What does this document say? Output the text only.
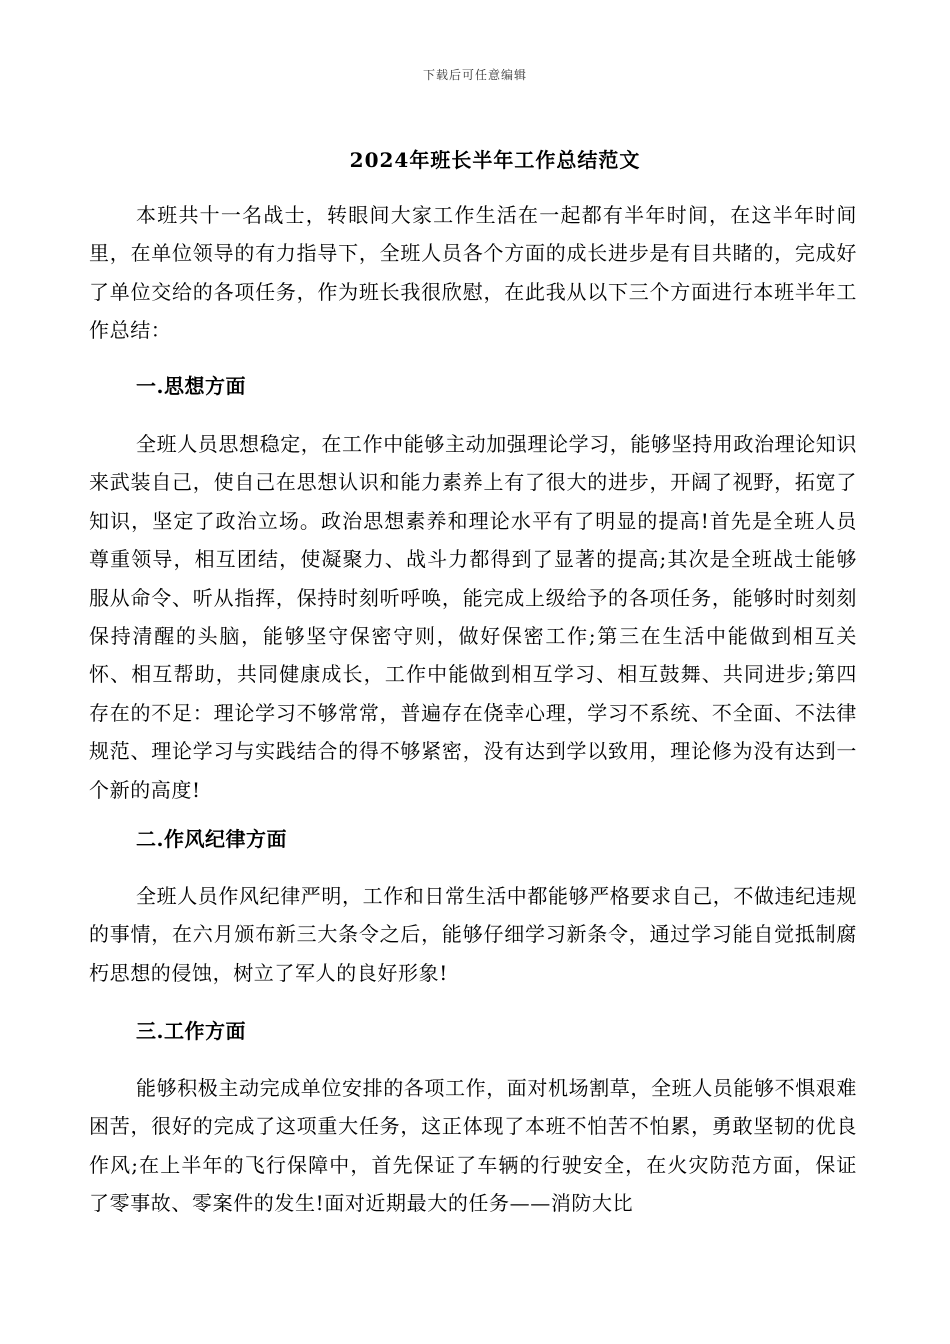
下载后可任意编辑
2024年班长半年工作总结范文

本班共十一名战士，转眼间大家工作生活在一起都有半年时间，在这半年时间里，在单位领导的有力指导下，全班人员各个方面的成长进步是有目共睹的，完成好了单位交给的各项任务，作为班长我很欣慰，在此我从以下三个方面进行本班半年工作总结：

一.思想方面

全班人员思想稳定，在工作中能够主动加强理论学习，能够坚持用政治理论知识来武装自己，使自己在思想认识和能力素养上有了很大的进步，开阔了视野，拓宽了知识，坚定了政治立场。政治思想素养和理论水平有了明显的提高!首先是全班人员尊重领导，相互团结，使凝聚力、战斗力都得到了显著的提高;其次是全班战士能够服从命令、听从指挥，保持时刻听呼唤，能完成上级给予的各项任务，能够时时刻刻保持清醒的头脑，能够坚守保密守则，做好保密工作;第三在生活中能做到相互关怀、相互帮助，共同健康成长，工作中能做到相互学习、相互鼓舞、共同进步;第四存在的不足：理论学习不够常常，普遍存在侥幸心理，学习不系统、不全面、不法律规范、理论学习与实践结合的得不够紧密，没有达到学以致用，理论修为没有达到一个新的高度!

二.作风纪律方面

全班人员作风纪律严明，工作和日常生活中都能够严格要求自己，不做违纪违规的事情，在六月颁布新三大条令之后，能够仔细学习新条令，通过学习能自觉抵制腐朽思想的侵蚀，树立了军人的良好形象!

三.工作方面

能够积极主动完成单位安排的各项工作，面对机场割草，全班人员能够不惧艰难困苦，很好的完成了这项重大任务，这正体现了本班不怕苦不怕累，勇敢坚韧的优良作风;在上半年的飞行保障中，首先保证了车辆的行驶安全，在火灾防范方面，保证了零事故、零案件的发生!面对近期最大的任务——消防大比
